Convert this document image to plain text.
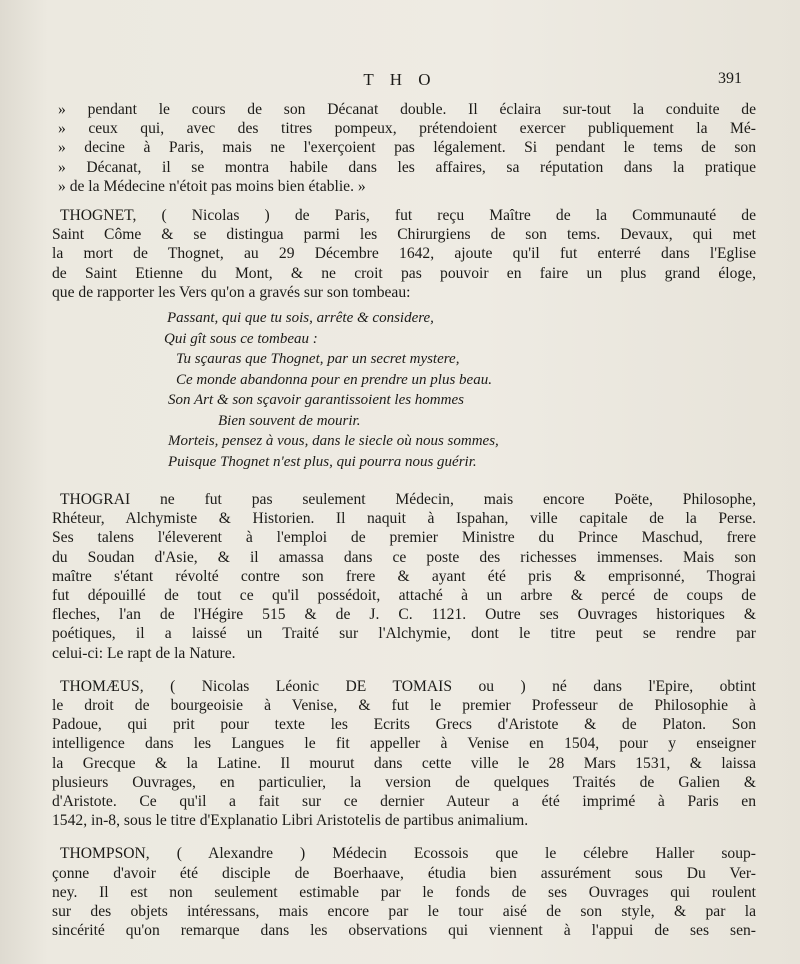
T H O	391
» pendant le cours de son Décanat double. Il éclaira sur-tout la conduite de
» ceux qui, avec des titres pompeux, prétendoient exercer publiquement la Mé-
» decine à Paris, mais ne l'exerçoient pas légalement. Si pendant le tems de son
» Décanat, il se montra habile dans les affaires, sa réputation dans la pratique
» de la Médecine n'étoit pas moins bien établie. »
THOGNET, ( Nicolas ) de Paris, fut reçu Maître de la Communauté de
Saint Côme & se distingua parmi les Chirurgiens de son tems. Devaux, qui met
la mort de Thognet, au 29 Décembre 1642, ajoute qu'il fut enterré dans l'Eglise
de Saint Etienne du Mont, & ne croit pas pouvoir en faire un plus grand éloge,
que de rapporter les Vers qu'on a gravés sur son tombeau:
Passant, qui que tu sois, arrête & considere,
Qui gît sous ce tombeau :
Tu sçauras que Thognet, par un secret mystere,
Ce monde abandonna pour en prendre un plus beau.
Son Art & son sçavoir garantissoient les hommes
Bien souvent de mourir.
Morteis, pensez à vous, dans le siecle où nous sommes,
Puisque Thognet n'est plus, qui pourra nous guérir.
THOGRAI ne fut pas seulement Médecin, mais encore Poëte, Philosophe,
Rhéteur, Alchymiste & Historien. Il naquit à Ispahan, ville capitale de la Perse.
Ses talens l'éleverent à l'emploi de premier Ministre du Prince Maschud, frere
du Soudan d'Asie, & il amassa dans ce poste des richesses immenses. Mais son
maître s'étant révolté contre son frere & ayant été pris & emprisonné, Thograi
fut dépouillé de tout ce qu'il possédoit, attaché à un arbre & percé de coups de
fleches, l'an de l'Hégire 515 & de J. C. 1121. Outre ses Ouvrages historiques &
poétiques, il a laissé un Traité sur l'Alchymie, dont le titre peut se rendre par
celui-ci: Le rapt de la Nature.
THOMÆUS, ( Nicolas Léonic DE TOMAIS ou ) né dans l'Epire, obtint
le droit de bourgeoisie à Venise, & fut le premier Professeur de Philosophie à
Padoue, qui prit pour texte les Ecrits Grecs d'Aristote & de Platon. Son
intelligence dans les Langues le fit appeller à Venise en 1504, pour y enseigner
la Grecque & la Latine. Il mourut dans cette ville le 28 Mars 1531, & laissa
plusieurs Ouvrages, en particulier, la version de quelques Traités de Galien &
d'Aristote. Ce qu'il a fait sur ce dernier Auteur a été imprimé à Paris en
1542, in-8, sous le titre d'Explanatio Libri Aristotelis de partibus animalium.
THOMPSON, ( Alexandre ) Médecin Ecossois que le célebre Haller soup-
çonne d'avoir été disciple de Boerhaave, étudia bien assurément sous Du Ver-
ney. Il est non seulement estimable par le fonds de ses Ouvrages qui roulent
sur des objets intéressans, mais encore par le tour aisé de son style, & par la
sincérité qu'on remarque dans les observations qui viennent à l'appui de ses sen-
